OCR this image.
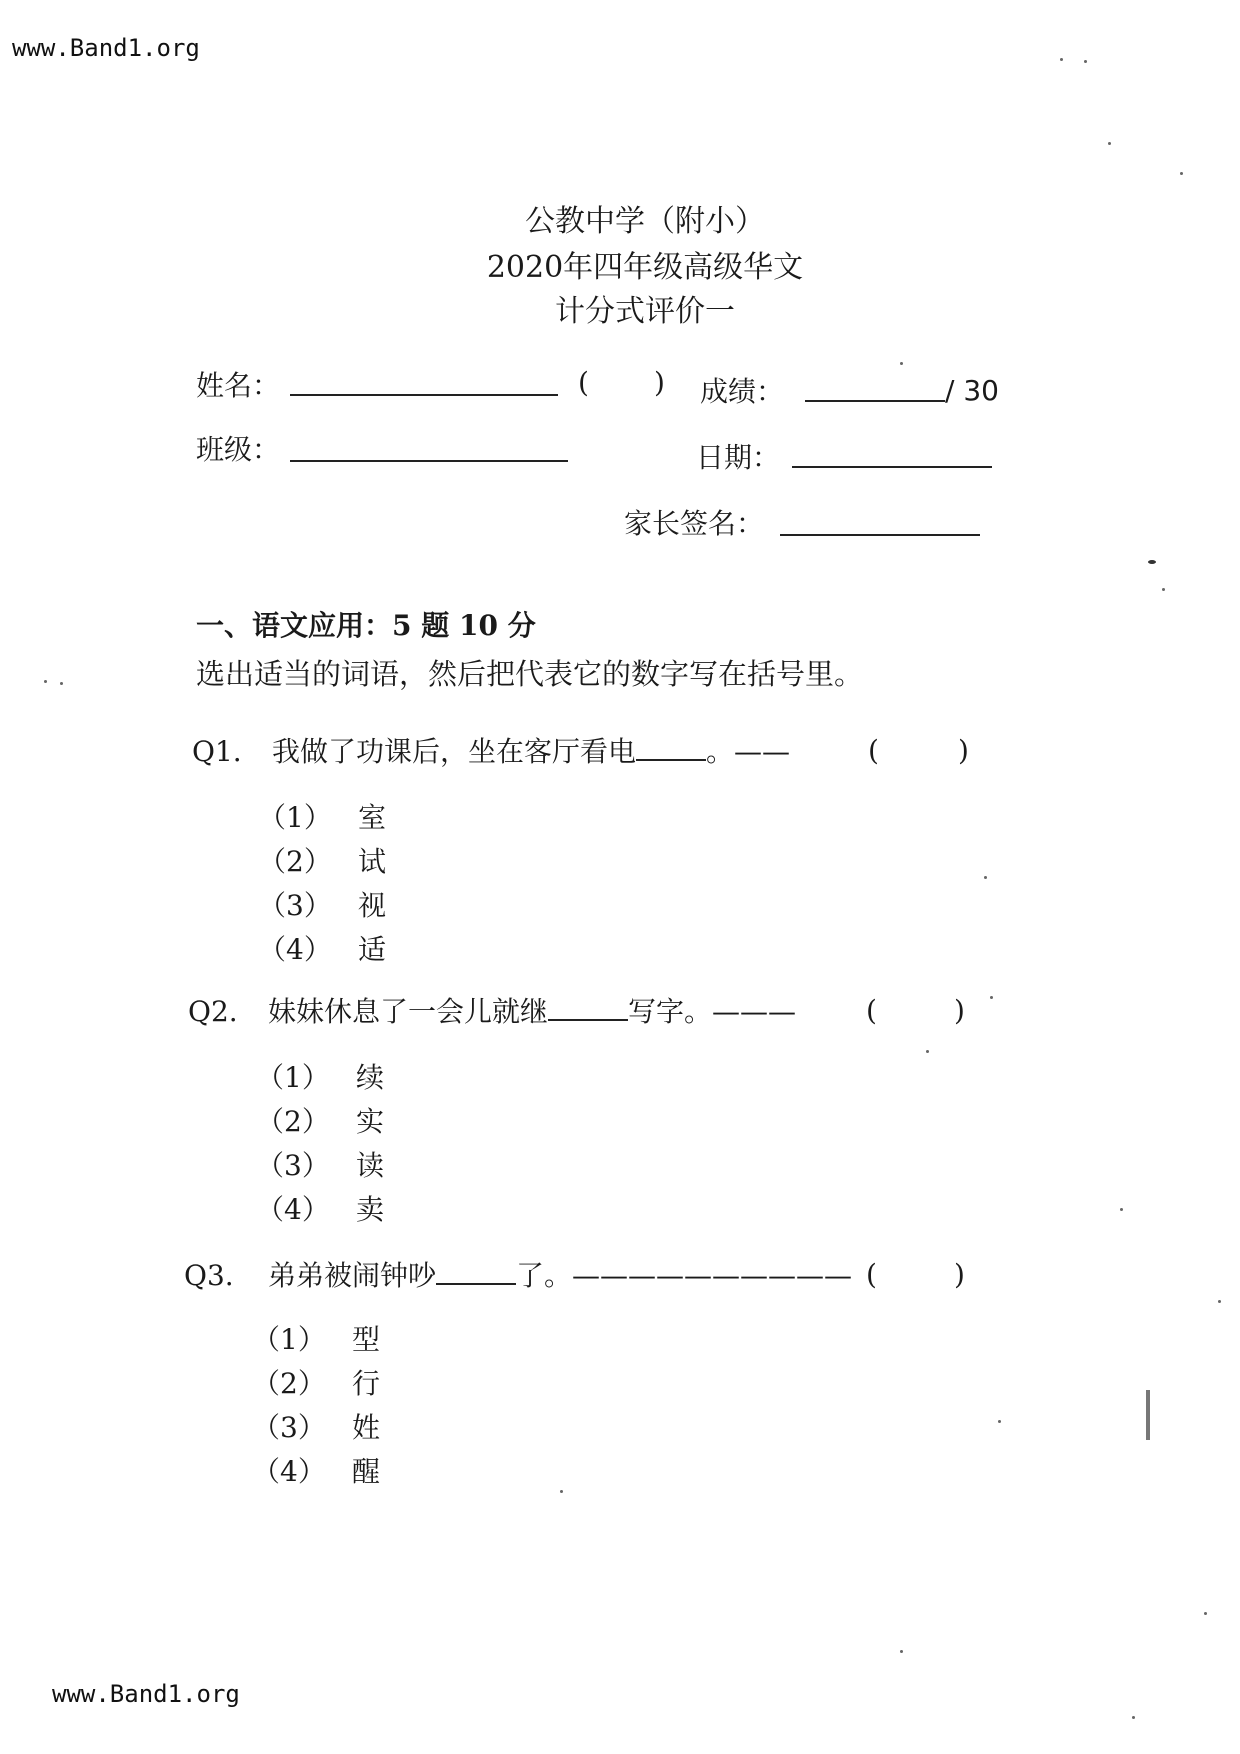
www.Band1.org
www.Band1.org
公教中学（附小）
2020年四年级高级华文
计分式评价一
姓名：	( ) 成绩：	/ 30
班级：	日期：
家长签名：
一、语文应用：5 题 10 分
选出适当的词语，然后把代表它的数字写在括号里。
Q1. 我做了功课后，坐在客厅看电	。——	(	)
（1） 室
（2） 试
（3） 视
（4） 适
Q2. 妹妹休息了一会儿就继	写字。——— (	)
（1） 续
（2） 实
（3） 读
（4） 卖
Q3. 弟弟被闹钟吵	了。—————————— (	)
（1） 型
（2） 行
（3） 姓
（4） 醒
